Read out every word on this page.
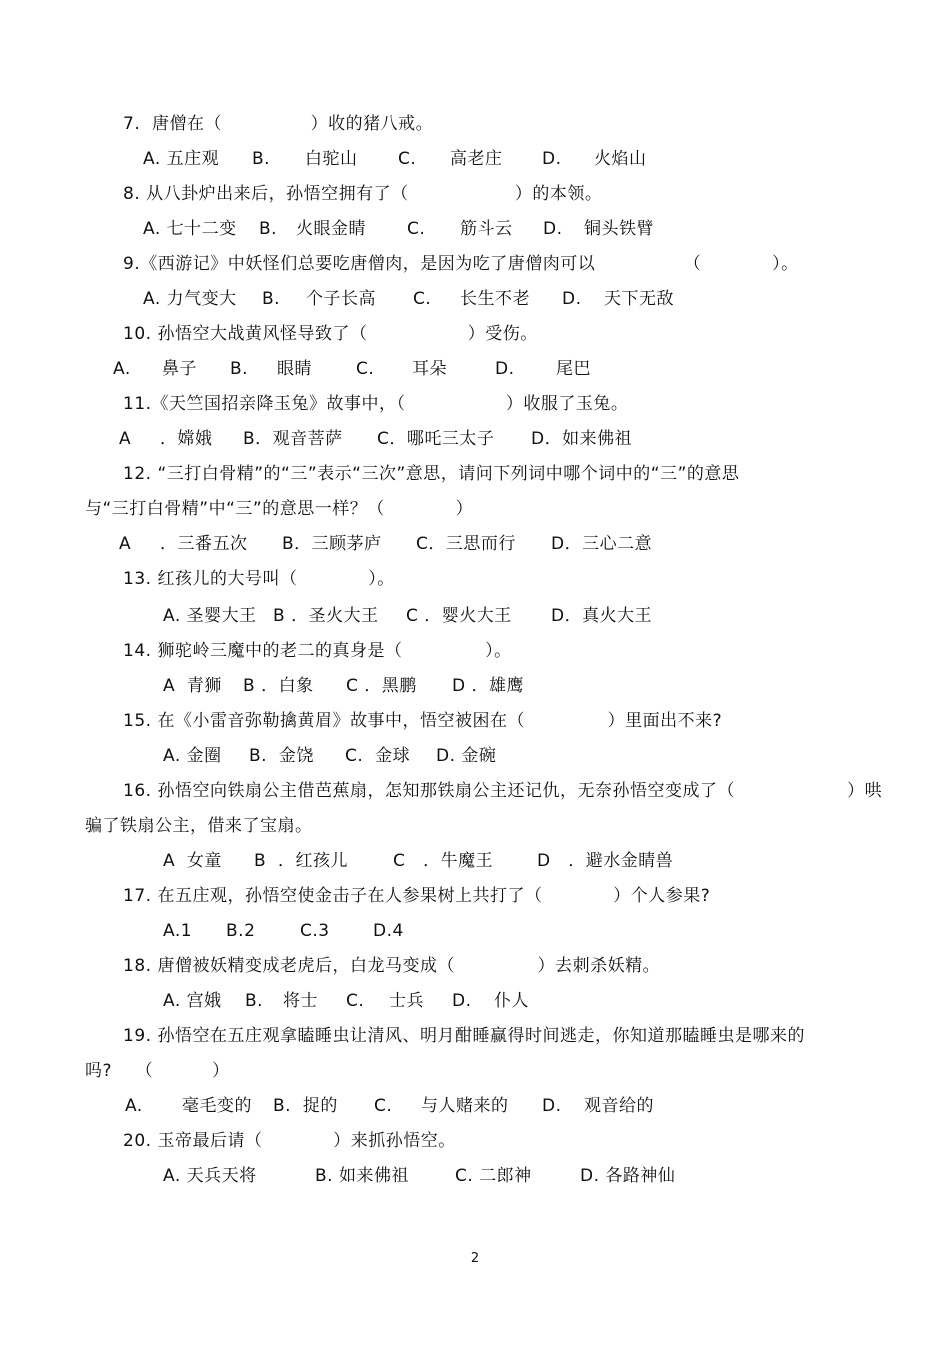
7.  唐僧在（               ）收的猪八戒。
A. 五庄观 B. 白驼山 C. 高老庄 D. 火焰山
8. 从八卦炉出来后，孙悟空拥有了（                  ）的本领。
A. 七十二变 B. 火眼金睛 C. 筋斗云 D. 铜头铁臂
9.《西游记》中妖怪们总要吃唐僧肉，是因为吃了唐僧肉可以               （            ）。
A. 力气变大 B. 个子长高 C. 长生不老 D. 天下无敌
10. 孙悟空大战黄风怪导致了（                 ）受伤。
A. 鼻子 B. 眼睛	C. 耳朵	D. 尾巴
11.《天竺国招亲降玉兔》故事中，（                 ）收服了玉兔。
A ．嫦娥 B．观音菩萨 C．哪吒三太子 D．如来佛祖
12. “三打白骨精”的“三”表示“三次”意思，请问下列词中哪个词中的“三”的意思
与“三打白骨精”中“三”的意思一样？（            ）
A ．三番五次 B．三顾茅庐 C．三思而行 D．三心二意
13. 红孩儿的大号叫（            ）。
A. 圣婴大王 B ．圣火大王 C ．婴火大王 D．真火大王
14. 狮驼岭三魔中的老二的真身是（              ）。
A  青狮 B ．白象 C ．黑鹏 D ．雄鹰
15. 在《小雷音弥勒擒黄眉》故事中，悟空被困在（              ）里面出不来?
A. 金圈 B.  金饶 C.  金球 D. 金碗
16. 孙悟空向铁扇公主借芭蕉扇，怎知那铁扇公主还记仇，无奈孙悟空变成了（                   ）哄
骗了铁扇公主，借来了宝扇。
A  女童 B  ．红孩儿	C   ．牛魔王	D   ．避水金睛兽
17. 在五庄观，孙悟空使金击子在人参果树上共打了（            ）个人参果?
A.1 B.2	C.3	D.4
18. 唐僧被妖精变成老虎后，白龙马变成（              ）去刺杀妖精。
A. 宫娥 B. 将士 C. 士兵 D. 仆人
19. 孙悟空在五庄观拿瞌睡虫让清风、明月酣睡赢得时间逃走，你知道那瞌睡虫是哪来的
吗?    （          ）
A. 毫毛变的 B.  捉的 C. 与人赌来的 D. 观音给的
20. 玉帝最后请（            ）来抓孙悟空。
A. 天兵天将	B. 如来佛祖	C. 二郎神	D. 各路神仙
2
